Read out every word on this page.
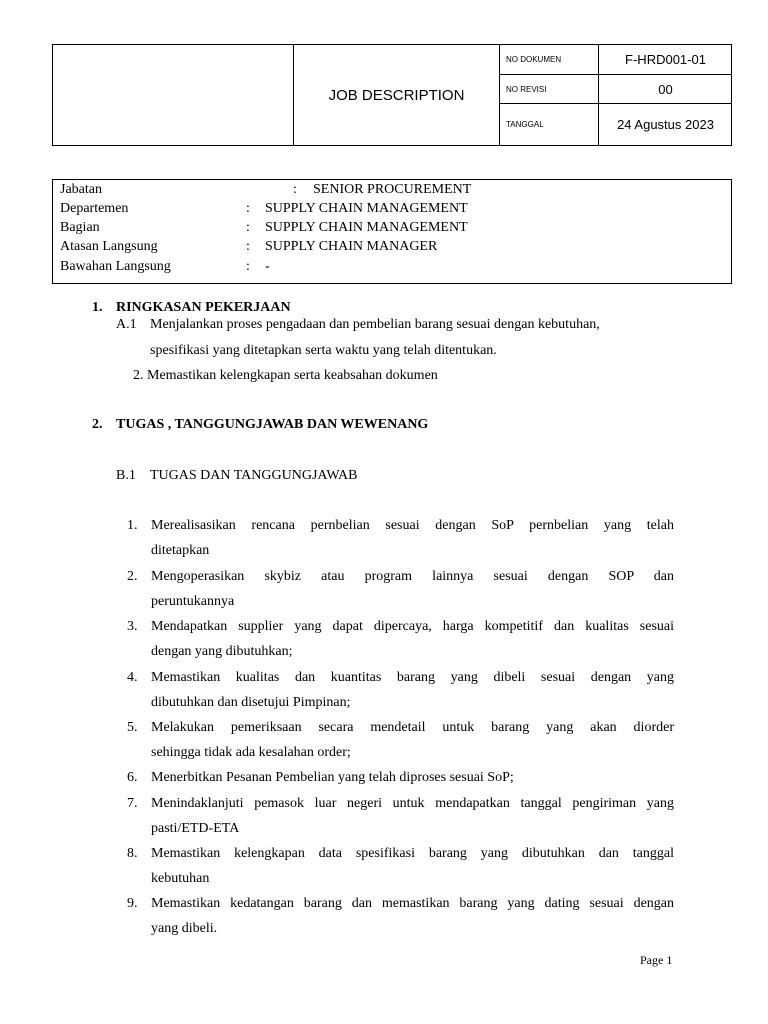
JOB DESCRIPTION
NO DOKUMEN	F-HRD001-01
NO REVISI	00
TANGGAL	24 Agustus 2023
Jabatan	: SENIOR PROCUREMENT
Departemen	: SUPPLY CHAIN MANAGEMENT
Bagian	: SUPPLY CHAIN MANAGEMENT
Atasan Langsung	: SUPPLY CHAIN MANAGER
Bawahan Langsung	: -
1. RINGKASAN PEKERJAAN
A.1 Menjalankan proses pengadaan dan pembelian barang sesuai dengan kebutuhan,
spesifikasi yang ditetapkan serta waktu yang telah ditentukan.
2. Memastikan kelengkapan serta keabsahan dokumen
2. TUGAS , TANGGUNGJAWAB DAN WEWENANG
B.1 TUGAS DAN TANGGUNGJAWAB
1. Merealisasikan rencana pernbelian sesuai dengan SoP pernbelian yang telah
ditetapkan
2. Mengoperasikan skybiz atau program lainnya sesuai dengan SOP dan
peruntukannya
3. Mendapatkan supplier yang dapat dipercaya, harga kompetitif dan kualitas sesuai
dengan yang dibutuhkan;
4. Memastikan kualitas dan kuantitas barang yang dibeli sesuai dengan yang
dibutuhkan dan disetujui Pimpinan;
5. Melakukan pemeriksaan secara mendetail untuk barang yang akan diorder
sehingga tidak ada kesalahan order;
6. Menerbitkan Pesanan Pembelian yang telah diproses sesuai SoP;
7. Menindaklanjuti pemasok luar negeri untuk mendapatkan tanggal pengiriman yang
pasti/ETD-ETA
8. Memastikan kelengkapan data spesifikasi barang yang dibutuhkan dan tanggal
kebutuhan
9. Memastikan kedatangan barang dan memastikan barang yang dating sesuai dengan
yang dibeli.
Page 1
